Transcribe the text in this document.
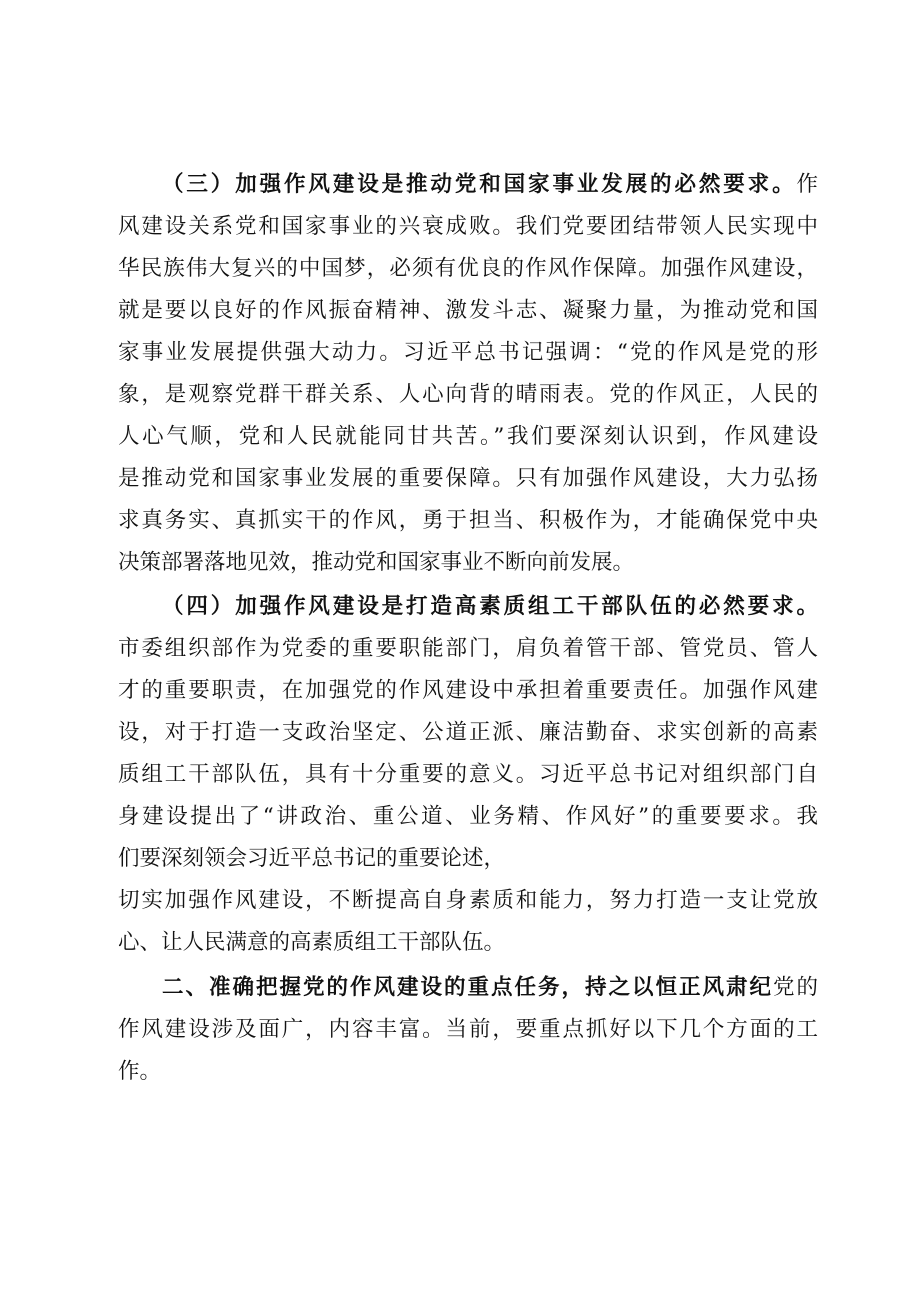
（三）加强作风建设是推动党和国家事业发展的必然要求。作
风建设关系党和国家事业的兴衰成败。我们党要团结带领人民实现中
华民族伟大复兴的中国梦，必须有优良的作风作保障。加强作风建设，
就是要以良好的作风振奋精神、激发斗志、凝聚力量，为推动党和国
家事业发展提供强大动力。习近平总书记强调：“党的作风是党的形
象，是观察党群干群关系、人心向背的晴雨表。党的作风正，人民的
人心气顺，党和人民就能同甘共苦。”我们要深刻认识到，作风建设
是推动党和国家事业发展的重要保障。只有加强作风建设，大力弘扬
求真务实、真抓实干的作风，勇于担当、积极作为，才能确保党中央
决策部署落地见效，推动党和国家事业不断向前发展。
（四）加强作风建设是打造高素质组工干部队伍的必然要求。
市委组织部作为党委的重要职能部门，肩负着管干部、管党员、管人
才的重要职责，在加强党的作风建设中承担着重要责任。加强作风建
设，对于打造一支政治坚定、公道正派、廉洁勤奋、求实创新的高素
质组工干部队伍，具有十分重要的意义。习近平总书记对组织部门自
身建设提出了“讲政治、重公道、业务精、作风好”的重要要求。我
们要深刻领会习近平总书记的重要论述，
切实加强作风建设，不断提高自身素质和能力，努力打造一支让党放
心、让人民满意的高素质组工干部队伍。
二、准确把握党的作风建设的重点任务，持之以恒正风肃纪党的
作风建设涉及面广，内容丰富。当前，要重点抓好以下几个方面的工
作。
